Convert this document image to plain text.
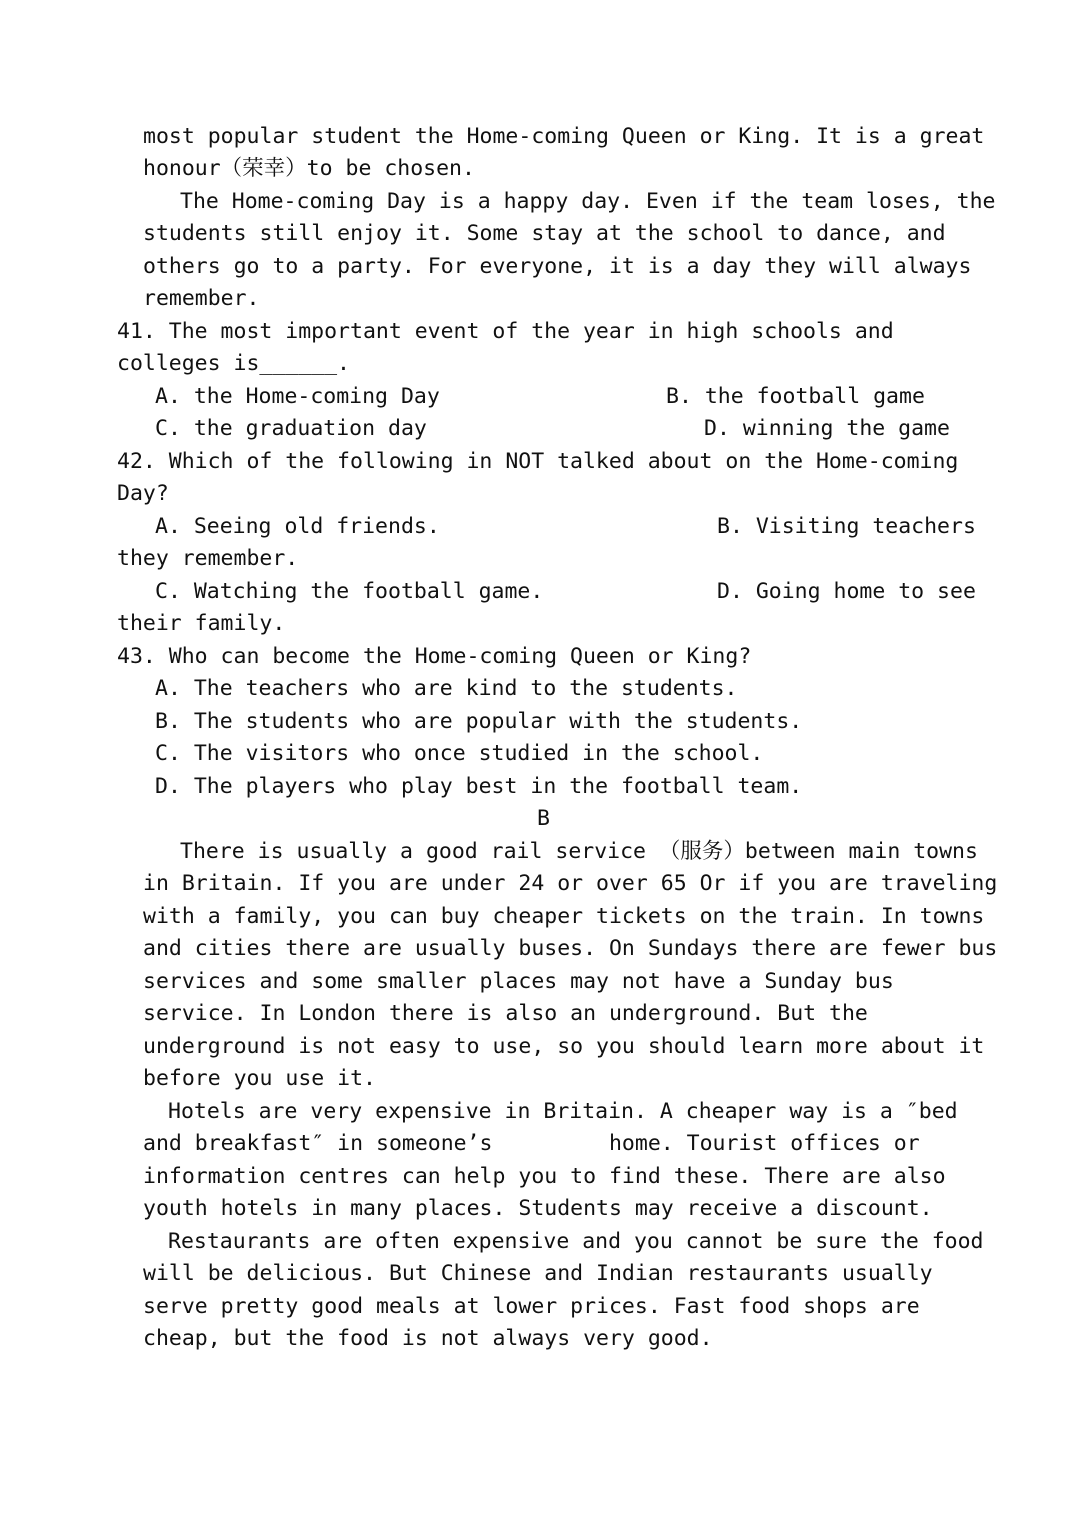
most popular student the Home-coming Queen or King. It is a great
honour（荣幸）to be chosen.
The Home-coming Day is a happy day. Even if the team loses, the
students still enjoy it. Some stay at the school to dance, and
others go to a party. For everyone, it is a day they will always
remember.
41. The most important event of the year in high schools and
colleges is______.
A. the Home-coming Day	B. the football game
C. the graduation day	D. winning the game
42. Which of the following in NOT talked about on the Home-coming
Day?
A. Seeing old friends.	B. Visiting teachers
they remember.
C. Watching the football game.	D. Going home to see
their family.
43. Who can become the Home-coming Queen or King?
A. The teachers who are kind to the students.
B. The students who are popular with the students.
C. The visitors who once studied in the school.
D. The players who play best in the football team.
B
There is usually a good rail service （服务）between main towns
in Britain. If you are under 24 or over 65 Or if you are traveling
with a family, you can buy cheaper tickets on the train. In towns
and cities there are usually buses. On Sundays there are fewer bus
services and some smaller places may not have a Sunday bus
service. In London there is also an underground. But the
underground is not easy to use, so you should learn more about it
before you use it.
Hotels are very expensive in Britain. A cheaper way is a ″bed
and breakfast″ in someone’s         home. Tourist offices or
information centres can help you to find these. There are also
youth hotels in many places. Students may receive a discount.
Restaurants are often expensive and you cannot be sure the food
will be delicious. But Chinese and Indian restaurants usually
serve pretty good meals at lower prices. Fast food shops are
cheap, but the food is not always very good.
